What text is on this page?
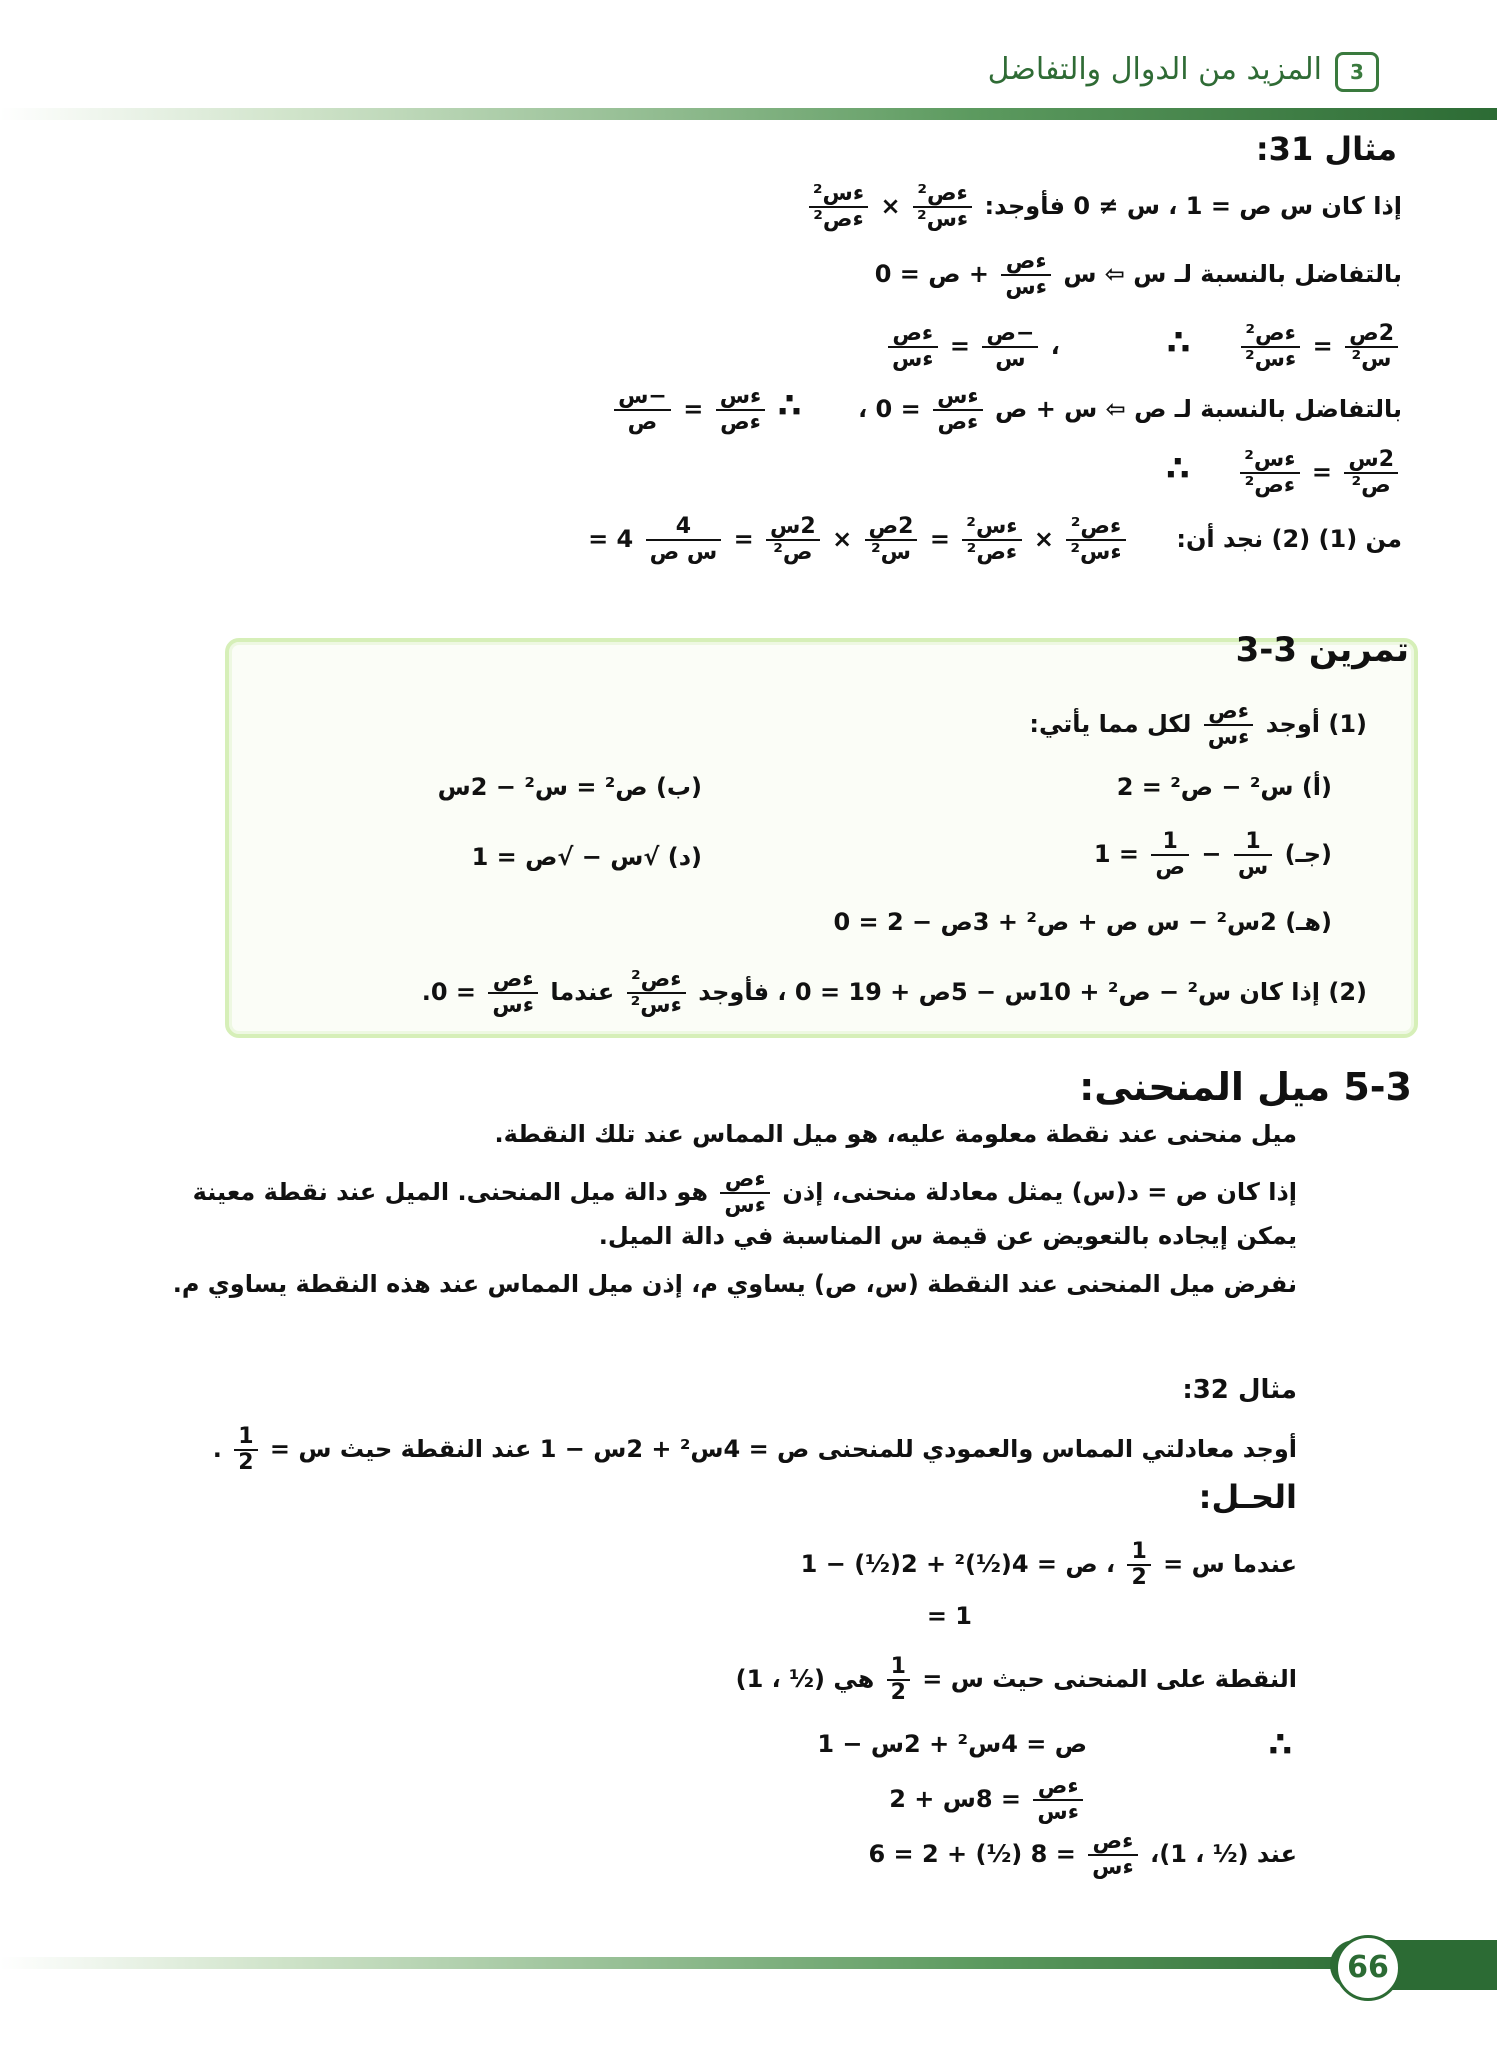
المزيد من الدوال والتفاضل	3
مثال 31:
إذا كان س ص = 1 ، س ≠ 0 فأوجد:
$\frac{\text{ءص²}}{\text{ءس²}}$
×
$\frac{\text{ءس²}}{\text{ءص²}}$
بالتفاضل بالنسبة لـ س ⇦ س
$\frac{\text{ءص}}{\text{ءس}}$
+ ص = 0
$\frac{\text{ءص}}{\text{ءس}} = \frac{\text{−ص}}{\text{س}}$ ،	∴ $\frac{\text{ءص²}}{\text{ءس²}} = \frac{\text{2ص}}{\text{س²}}$
بالتفاضل بالنسبة لـ ص ⇦ س + ص
$\frac{\text{ءس}}{\text{ءص}}$
= 0 ،  ∴
$\frac{\text{ءس}}{\text{ءص}}$
=
$\frac{\text{−س}}{\text{ص}}$
∴ $\frac{\text{ءس²}}{\text{ءص²}} = \frac{\text{2س}}{\text{ص²}}$
من (1) (2) نجد أن:
$\frac{\text{ءص²}}{\text{ءس²}}$
×
$\frac{\text{ءس²}}{\text{ءص²}}$
=
$\frac{\text{2ص}}{\text{س²}}$
×
$\frac{\text{2س}}{\text{ص²}}$
=
$\frac{4}{\text{س ص}}$
4 =
تمرين 3-3
(1) أوجد
$\frac{\text{ءص}}{\text{ءس}}$
لكل مما يأتي:
(أ) س² − ص² = 2
(ب) ص² = س² − 2س
(جـ)
$\frac{1}{\text{س}}$
−
$\frac{1}{\text{ص}}$
= 1
(د) √س − √ص = 1
(هـ) 2س² − س ص + ص² + 3ص − 2 = 0
(2) إذا كان س² − ص² + 10س − 5ص + 19 = 0 ، فأوجد
$\frac{\text{ءص²}}{\text{ءس²}}$
عندما
$\frac{\text{ءص}}{\text{ءس}}$
= 0.
5-3 ميل المنحنى:
ميل منحنى عند نقطة معلومة عليه، هو ميل المماس عند تلك النقطة.
إذا كان ص = د(س) يمثل معادلة منحنى، إذن
$\frac{\text{ءص}}{\text{ءس}}$
هو دالة ميل المنحنى. الميل عند نقطة معينة
يمكن إيجاده بالتعويض عن قيمة س المناسبة في دالة الميل.
نفرض ميل المنحنى عند النقطة (س، ص) يساوي م، إذن ميل المماس عند هذه النقطة يساوي م.
مثال 32:
أوجد معادلتي المماس والعمودي للمنحنى ص = 4س² + 2س − 1 عند النقطة حيث س =
$\frac{1}{2}$
.
الحـل:
عندما س =
$\frac{1}{2}$
، ص = 4(½)² + 2(½) − 1
= 1
النقطة على المنحنى حيث س =
$\frac{1}{2}$
هي (½ ، 1)
∴
ص = 4س² + 2س − 1
$\frac{\text{ءص}}{\text{ءس}}$
= 8س + 2
عند (½ ، 1)،
$\frac{\text{ءص}}{\text{ءس}}$
= 8 (½) + 2 = 6
66
